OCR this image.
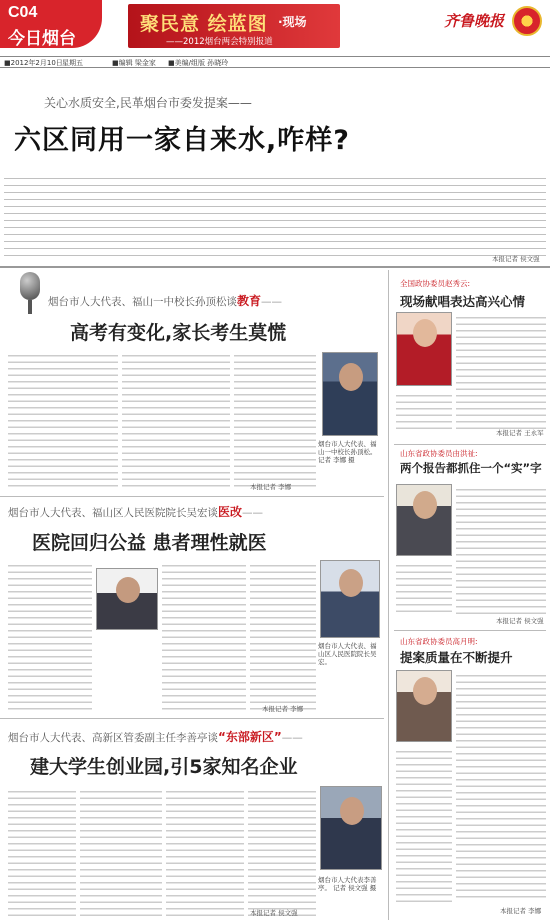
C04
今日烟台
聚民意 绘蓝图 ·现场
——2012烟台两会特别报道
齐鲁晚报
■2012年2月10日 星期五	■编辑 梁金家 ■美编/组版 孙晓玲
关心水质安全,民革烟台市委发提案——
六区同用一家自来水,咋样?
本报记者 侯文强
烟台市人大代表、福山一中校长孙顶松谈教育——
高考有变化,家长考生莫慌
烟台市人大代表、福山一中校长孙顶松。 记者 李娜 摄
本报记者 李娜
烟台市人大代表、福山区人民医院院长吴宏谈医改——
医院回归公益 患者理性就医
烟台市人大代表、福山区人民医院院长吴宏。
本报记者 李娜
烟台市人大代表、高新区管委副主任李善亭谈“东部新区”——
建大学生创业园,引5家知名企业
烟台市人大代表李善亭。 记者 侯文强 摄
本报记者 侯文强
全国政协委员赵秀云:
现场献唱表达高兴心情
本报记者 王永军
山东省政协委员由洪祉:
两个报告都抓住一个“实”字
本报记者 侯文强
山东省政协委员高月明:
提案质量在不断提升
本报记者 李娜
